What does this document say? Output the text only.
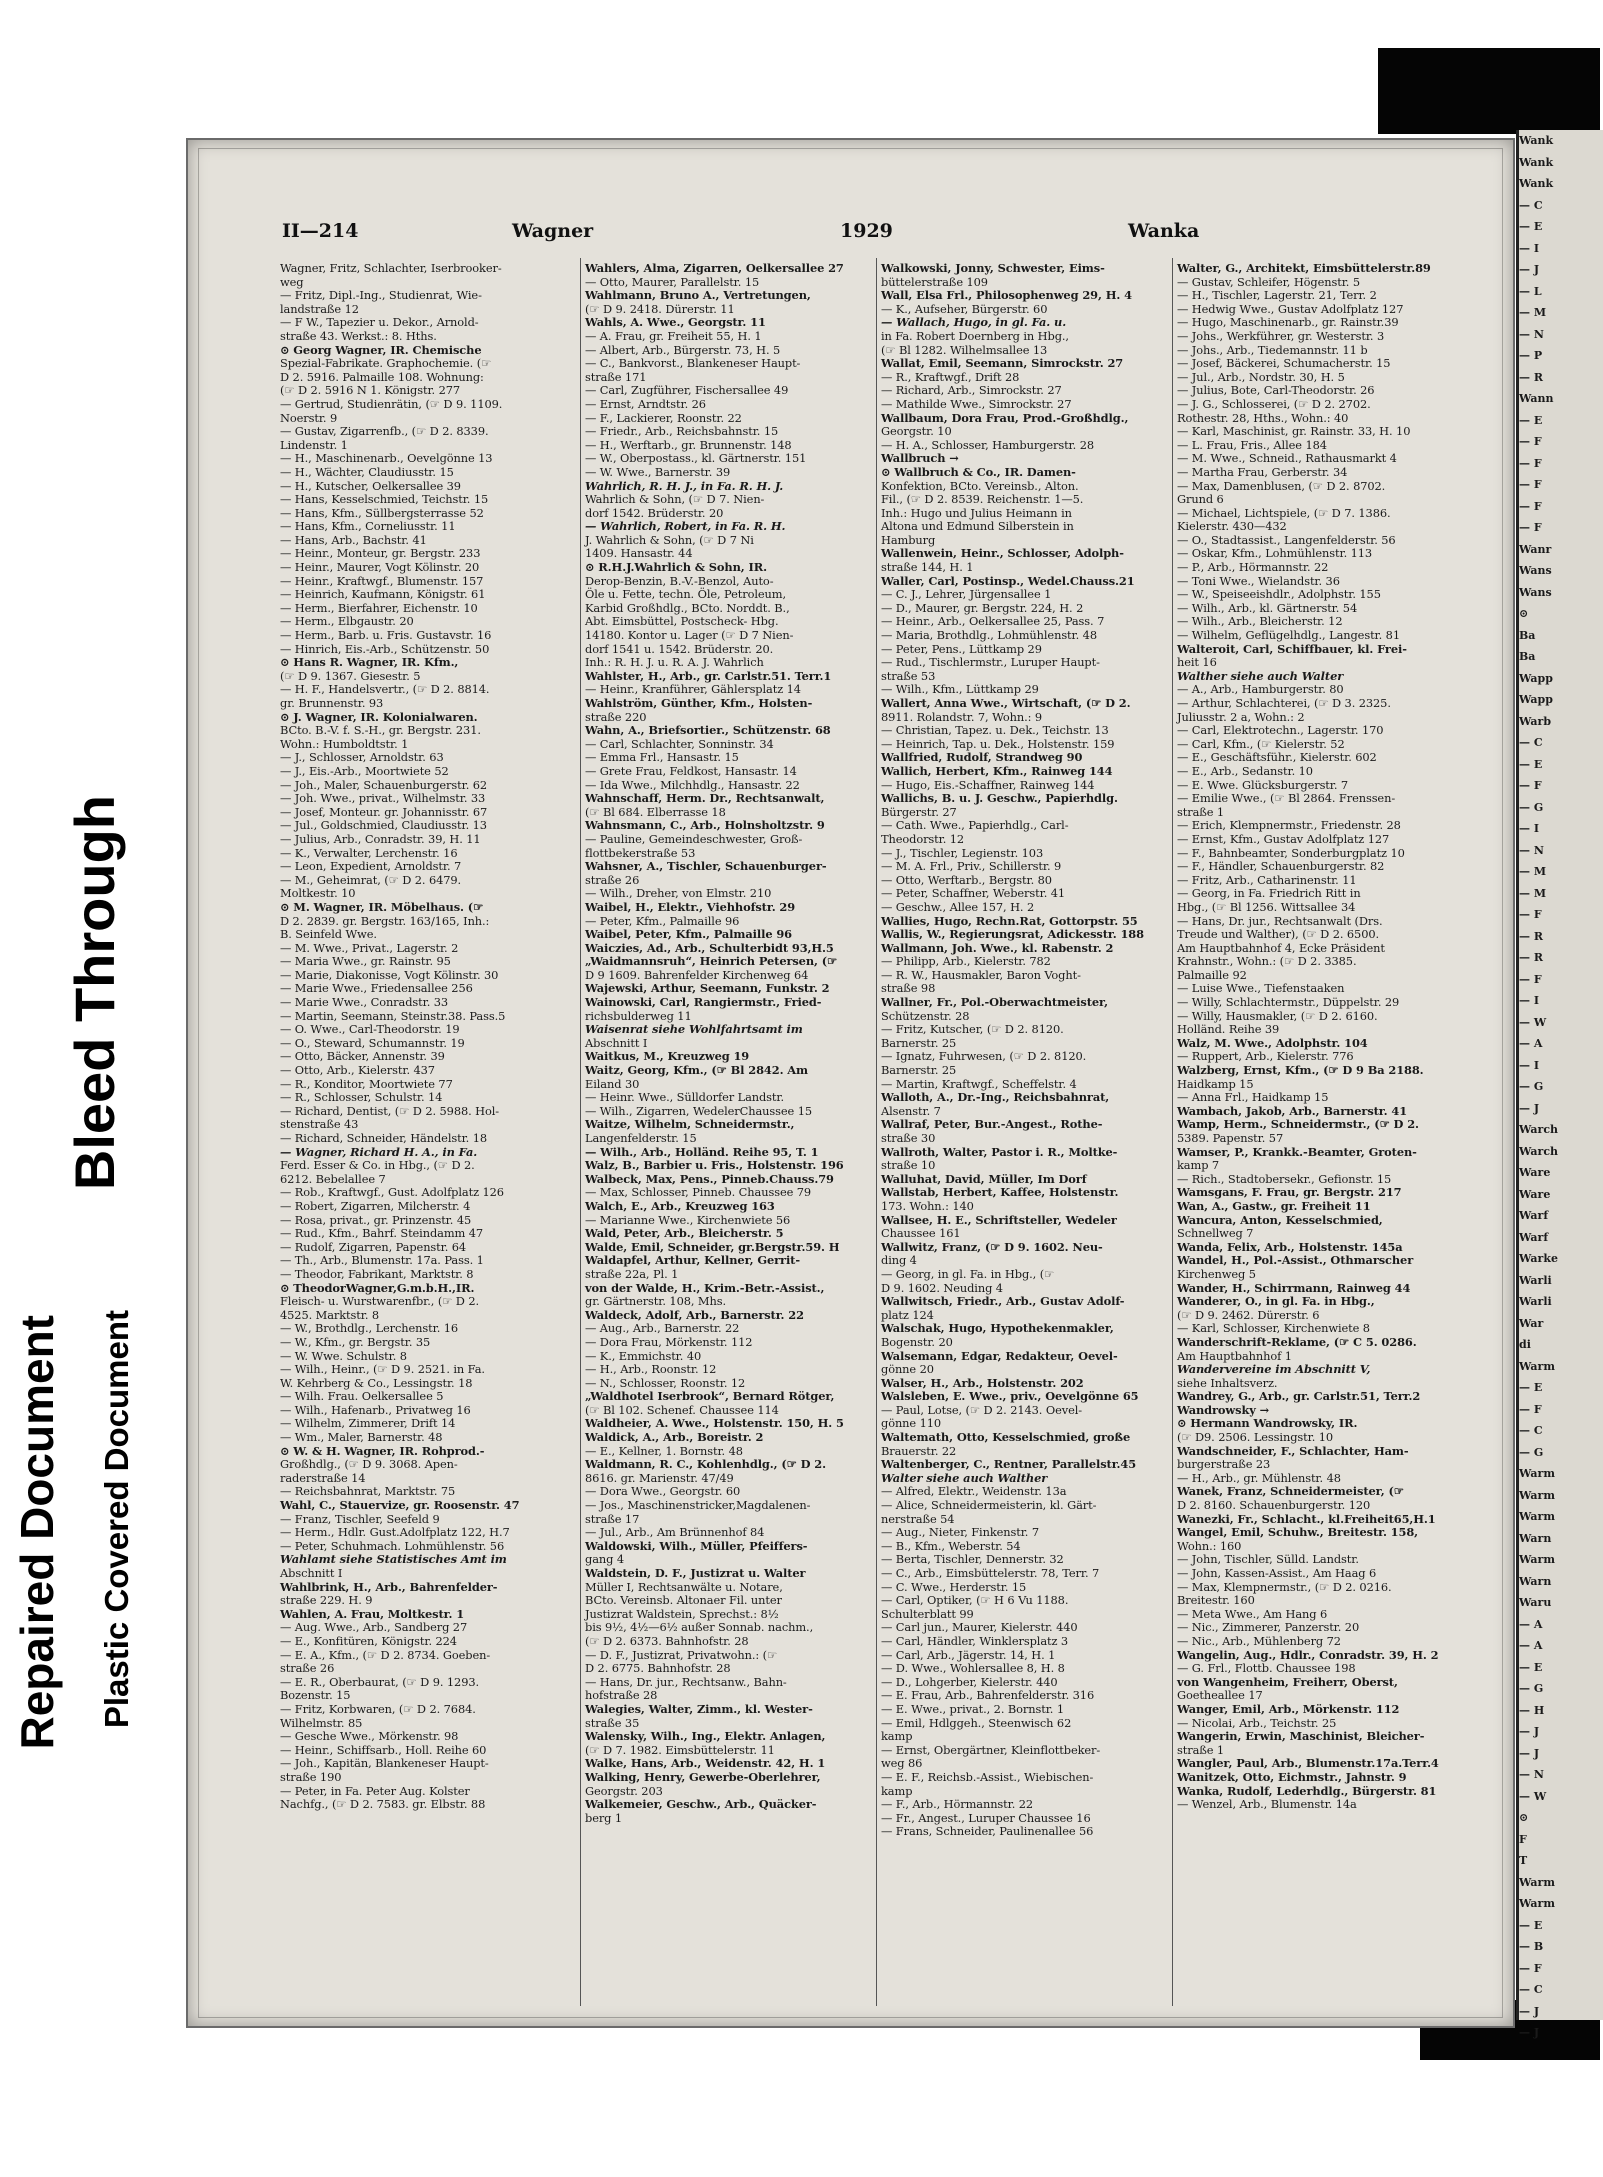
Bleed Through
Repaired Document Plastic Covered Document
II—214	Wagner	1929	Wanka

Wagner, Fritz, Schlachter, Iserbrooker-

weg

— Fritz, Dipl.-Ing., Studienrat, Wie-

landstraße 12

— F W., Tapezier u. Dekor., Arnold-

straße 43. Werkst.: 8. Hths.

⊙ Georg Wagner, IR. Chemische

Spezial-Fabrikate. Graphochemie. (☞

D 2. 5916. Palmaille 108. Wohnung:

(☞ D 2. 5916 N 1. Königstr. 277

— Gertrud, Studienrätin, (☞ D 9. 1109.

Noerstr. 9

— Gustav, Zigarrenfb., (☞ D 2. 8339.

Lindenstr. 1

— H., Maschinenarb., Oevelgönne 13

— H., Wächter, Claudiusstr. 15

— H., Kutscher, Oelkersallee 39

— Hans, Kesselschmied, Teichstr. 15

— Hans, Kfm., Süllbergsterrasse 52

— Hans, Kfm., Corneliusstr. 11

— Hans, Arb., Bachstr. 41

— Heinr., Monteur, gr. Bergstr. 233

— Heinr., Maurer, Vogt Kölinstr. 20

— Heinr., Kraftwgf., Blumenstr. 157

— Heinrich, Kaufmann, Königstr. 61

— Herm., Bierfahrer, Eichenstr. 10

— Herm., Elbgaustr. 20

— Herm., Barb. u. Fris. Gustavstr. 16

— Hinrich, Eis.-Arb., Schützenstr. 50

⊙ Hans R. Wagner, IR. Kfm.,

(☞ D 9. 1367. Giesestr. 5

— H. F., Handelsvertr., (☞ D 2. 8814.

gr. Brunnenstr. 93

⊙ J. Wagner, IR. Kolonialwaren.

BCto. B.-V. f. S.-H., gr. Bergstr. 231.

Wohn.: Humboldtstr. 1

— J., Schlosser, Arnoldstr. 63

— J., Eis.-Arb., Moortwiete 52

— Joh., Maler, Schauenburgerstr. 62

— Joh. Wwe., privat., Wilhelmstr. 33

— Josef, Monteur. gr. Johannisstr. 67

— Jul., Goldschmied, Claudiusstr. 13

— Julius, Arb., Conradstr. 39, H. 11

— K., Verwalter, Lerchenstr. 16

— Leon, Expedient, Arnoldstr. 7

— M., Geheimrat, (☞ D 2. 6479.

Moltkestr. 10

⊙ M. Wagner, IR. Möbelhaus. (☞

D 2. 2839. gr. Bergstr. 163/165, Inh.:

B. Seinfeld Wwe.

— M. Wwe., Privat., Lagerstr. 2

— Maria Wwe., gr. Rainstr. 95

— Marie, Diakonisse, Vogt Kölinstr. 30

— Marie Wwe., Friedensallee 256

— Marie Wwe., Conradstr. 33

— Martin, Seemann, Steinstr.38. Pass.5

— O. Wwe., Carl-Theodorstr. 19

— O., Steward, Schumannstr. 19

— Otto, Bäcker, Annenstr. 39

— Otto, Arb., Kielerstr. 437

— R., Konditor, Moortwiete 77

— R., Schlosser, Schulstr. 14

— Richard, Dentist, (☞ D 2. 5988. Hol-

stenstraße 43

— Richard, Schneider, Händelstr. 18

— Wagner, Richard H. A., in Fa.

Ferd. Esser & Co. in Hbg., (☞ D 2.

6212. Bebelallee 7

— Rob., Kraftwgf., Gust. Adolfplatz 126

— Robert, Zigarren, Milcherstr. 4

— Rosa, privat., gr. Prinzenstr. 45

— Rud., Kfm., Bahrf. Steindamm 47

— Rudolf, Zigarren, Papenstr. 64

— Th., Arb., Blumenstr. 17a. Pass. 1

— Theodor, Fabrikant, Marktstr. 8

⊙ TheodorWagner,G.m.b.H.,IR.

Fleisch- u. Wurstwarenfbr., (☞ D 2.

4525. Marktstr. 8

— W., Brothdlg., Lerchenstr. 16

— W., Kfm., gr. Bergstr. 35

— W. Wwe. Schulstr. 8

— Wilh., Heinr., (☞ D 9. 2521. in Fa.

W. Kehrberg & Co., Lessingstr. 18

— Wilh. Frau. Oelkersallee 5

— Wilh., Hafenarb., Privatweg 16

— Wilhelm, Zimmerer, Drift 14

— Wm., Maler, Barnerstr. 48

⊙ W. & H. Wagner, IR. Rohprod.-

Großhdlg., (☞ D 9. 3068. Apen-

raderstraße 14

— Reichsbahnrat, Marktstr. 75

Wahl, C., Stauervize, gr. Roosenstr. 47

— Franz, Tischler, Seefeld 9

— Herm., Hdlr. Gust.Adolfplatz 122, H.7

— Peter, Schuhmach. Lohmühlenstr. 56

Wahlamt siehe Statistisches Amt im

Abschnitt I

Wahlbrink, H., Arb., Bahrenfelder-

straße 229. H. 9

Wahlen, A. Frau, Moltkestr. 1

— Aug. Wwe., Arb., Sandberg 27

— E., Konfitüren, Königstr. 224

— E. A., Kfm., (☞ D 2. 8734. Goeben-

straße 26

— E. R., Oberbaurat, (☞ D 9. 1293.

Bozenstr. 15

— Fritz, Korbwaren, (☞ D 2. 7684.

Wilhelmstr. 85

— Gesche Wwe., Mörkenstr. 98

— Heinr., Schiffsarb., Holl. Reihe 60

— Joh., Kapitän, Blankeneser Haupt-

straße 190

— Peter, in Fa. Peter Aug. Kolster

Nachfg., (☞ D 2. 7583. gr. Elbstr. 88

Wahlers, Alma, Zigarren, Oelkersallee 27

— Otto, Maurer, Parallelstr. 15

Wahlmann, Bruno A., Vertretungen,

(☞ D 9. 2418. Dürerstr. 11

Wahls, A. Wwe., Georgstr. 11

— A. Frau, gr. Freiheit 55, H. 1

— Albert, Arb., Bürgerstr. 73, H. 5

— C., Bankvorst., Blankeneser Haupt-

straße 171

— Carl, Zugführer, Fischersallee 49

— Ernst, Arndtstr. 26

— F., Lackierer, Roonstr. 22

— Friedr., Arb., Reichsbahnstr. 15

— H., Werftarb., gr. Brunnenstr. 148

— W., Oberpostass., kl. Gärtnerstr. 151

— W. Wwe., Barnerstr. 39

Wahrlich, R. H. J., in Fa. R. H. J.

Wahrlich & Sohn, (☞ D 7. Nien-

dorf 1542. Brüderstr. 20

— Wahrlich, Robert, in Fa. R. H.

J. Wahrlich & Sohn, (☞ D 7 Ni

1409. Hansastr. 44

⊙ R.H.J.Wahrlich & Sohn, IR.

Derop-Benzin, B.-V.-Benzol, Auto-

Öle u. Fette, techn. Öle, Petroleum,

Karbid Großhdlg., BCto. Norddt. B.,

Abt. Eimsbüttel, Postscheck- Hbg.

14180. Kontor u. Lager (☞ D 7 Nien-

dorf 1541 u. 1542. Brüderstr. 20.

Inh.: R. H. J. u. R. A. J. Wahrlich

Wahlster, H., Arb., gr. Carlstr.51. Terr.1

— Heinr., Kranführer, Gählersplatz 14

Wahlström, Günther, Kfm., Holsten-

straße 220

Wahn, A., Briefsortier., Schützenstr. 68

— Carl, Schlachter, Sonninstr. 34

— Emma Frl., Hansastr. 15

— Grete Frau, Feldkost, Hansastr. 14

— Ida Wwe., Milchhdlg., Hansastr. 22

Wahnschaff, Herm. Dr., Rechtsanwalt,

(☞ Bl 684. Elberrasse 18

Wahnsmann, C., Arb., Holnsholtzstr. 9

— Pauline, Gemeindeschwester, Groß-

flottbekerstraße 53

Wahsner, A., Tischler, Schauenburger-

straße 26

— Wilh., Dreher, von Elmstr. 210

Waibel, H., Elektr., Viehhofstr. 29

— Peter, Kfm., Palmaille 96

Waibel, Peter, Kfm., Palmaille 96

Waiczies, Ad., Arb., Schulterbidt 93,H.5

„Waidmannsruh“, Heinrich Petersen, (☞

D 9 1609. Bahrenfelder Kirchenweg 64

Wajewski, Arthur, Seemann, Funkstr. 2

Wainowski, Carl, Rangiermstr., Fried-

richsbulderweg 11

Waisenrat siehe Wohlfahrtsamt im

Abschnitt I

Waitkus, M., Kreuzweg 19

Waitz, Georg, Kfm., (☞ Bl 2842. Am

Eiland 30

— Heinr. Wwe., Sülldorfer Landstr.

— Wilh., Zigarren, WedelerChaussee 15

Waitze, Wilhelm, Schneidermstr.,

Langenfelderstr. 15

— Wilh., Arb., Holländ. Reihe 95, T. 1

Walz, B., Barbier u. Fris., Holstenstr. 196

Walbeck, Max, Pens., Pinneb.Chauss.79

— Max, Schlosser, Pinneb. Chaussee 79

Walch, E., Arb., Kreuzweg 163

— Marianne Wwe., Kirchenwiete 56

Wald, Peter, Arb., Bleicherstr. 5

Walde, Emil, Schneider, gr.Bergstr.59. H

Waldapfel, Arthur, Kellner, Gerrit-

straße 22a, Pl. 1

von der Walde, H., Krim.-Betr.-Assist.,

gr. Gärtnerstr. 108, Mhs.

Waldeck, Adolf, Arb., Barnerstr. 22

— Aug., Arb., Barnerstr. 22

— Dora Frau, Mörkenstr. 112

— K., Emmichstr. 40

— H., Arb., Roonstr. 12

— N., Schlosser, Roonstr. 12

„Waldhotel Iserbrook“, Bernard Rötger,

(☞ Bl 102. Schenef. Chaussee 114

Waldheier, A. Wwe., Holstenstr. 150, H. 5

Waldick, A., Arb., Boreistr. 2

— E., Kellner, 1. Bornstr. 48

Waldmann, R. C., Kohlenhdlg., (☞ D 2.

8616. gr. Marienstr. 47/49

— Dora Wwe., Georgstr. 60

— Jos., Maschinenstricker,Magdalenen-

straße 17

— Jul., Arb., Am Brünnenhof 84

Waldowski, Wilh., Müller, Pfeiffers-

gang 4

Waldstein, D. F., Justizrat u. Walter

Müller I, Rechtsanwälte u. Notare,

BCto. Vereinsb. Altonaer Fil. unter

Justizrat Waldstein, Sprechst.: 8½

bis 9½, 4½—6½ außer Sonnab. nachm.,

(☞ D 2. 6373. Bahnhofstr. 28

— D. F., Justizrat, Privatwohn.: (☞

D 2. 6775. Bahnhofstr. 28

— Hans, Dr. jur., Rechtsanw., Bahn-

hofstraße 28

Walegies, Walter, Zimm., kl. Wester-

straße 35

Walensky, Wilh., Ing., Elektr. Anlagen,

(☞ D 7. 1982. Eimsbüttelerstr. 11

Walke, Hans, Arb., Weidenstr. 42, H. 1

Walking, Henry, Gewerbe-Oberlehrer,

Georgstr. 203

Walkemeier, Geschw., Arb., Quäcker-

berg 1

Walkowski, Jonny, Schwester, Eims-

büttelerstraße 109

Wall, Elsa Frl., Philosophenweg 29, H. 4

— K., Aufseher, Bürgerstr. 60

— Wallach, Hugo, in gl. Fa. u.

in Fa. Robert Doernberg in Hbg.,

(☞ Bl 1282. Wilhelmsallee 13

Wallat, Emil, Seemann, Simrockstr. 27

— R., Kraftwgf., Drift 28

— Richard, Arb., Simrockstr. 27

— Mathilde Wwe., Simrockstr. 27

Wallbaum, Dora Frau, Prod.-Großhdlg.,

Georgstr. 10

— H. A., Schlosser, Hamburgerstr. 28

Wallbruch →

⊙ Wallbruch & Co., IR. Damen-

Konfektion, BCto. Vereinsb., Alton.

Fil., (☞ D 2. 8539. Reichenstr. 1—5.

Inh.: Hugo und Julius Heimann in

Altona und Edmund Silberstein in

Hamburg

Wallenwein, Heinr., Schlosser, Adolph-

straße 144, H. 1

Waller, Carl, Postinsp., Wedel.Chauss.21

— C. J., Lehrer, Jürgensallee 1

— D., Maurer, gr. Bergstr. 224, H. 2

— Heinr., Arb., Oelkersallee 25, Pass. 7

— Maria, Brothdlg., Lohmühlenstr. 48

— Peter, Pens., Lüttkamp 29

— Rud., Tischlermstr., Luruper Haupt-

straße 53

— Wilh., Kfm., Lüttkamp 29

Wallert, Anna Wwe., Wirtschaft, (☞ D 2.

8911. Rolandstr. 7, Wohn.: 9

— Christian, Tapez. u. Dek., Teichstr. 13

— Heinrich, Tap. u. Dek., Holstenstr. 159

Wallfried, Rudolf, Strandweg 90

Wallich, Herbert, Kfm., Rainweg 144

— Hugo, Eis.-Schaffner, Rainweg 144

Wallichs, B. u. J. Geschw., Papierhdlg.

Bürgerstr. 27

— Cath. Wwe., Papierhdlg., Carl-

Theodorstr. 12

— J., Tischler, Legienstr. 103

— M. A. Frl., Priv., Schillerstr. 9

— Otto, Werftarb., Bergstr. 80

— Peter, Schaffner, Weberstr. 41

— Geschw., Allee 157, H. 2

Wallies, Hugo, Rechn.Rat, Gottorpstr. 55

Wallis, W., Regierungsrat, Adickesstr. 188

Wallmann, Joh. Wwe., kl. Rabenstr. 2

— Philipp, Arb., Kielerstr. 782

— R. W., Hausmakler, Baron Voght-

straße 98

Wallner, Fr., Pol.-Oberwachtmeister,

Schützenstr. 28

— Fritz, Kutscher, (☞ D 2. 8120.

Barnerstr. 25

— Ignatz, Fuhrwesen, (☞ D 2. 8120.

Barnerstr. 25

— Martin, Kraftwgf., Scheffelstr. 4

Walloth, A., Dr.-Ing., Reichsbahnrat,

Alsenstr. 7

Wallraf, Peter, Bur.-Angest., Rothe-

straße 30

Wallroth, Walter, Pastor i. R., Moltke-

straße 10

Walluhat, David, Müller, Im Dorf

Wallstab, Herbert, Kaffee, Holstenstr.

173. Wohn.: 140

Wallsee, H. E., Schriftsteller, Wedeler

Chaussee 161

Wallwitz, Franz, (☞ D 9. 1602. Neu-

ding 4

— Georg, in gl. Fa. in Hbg., (☞

D 9. 1602. Neuding 4

Wallwitsch, Friedr., Arb., Gustav Adolf-

platz 124

Walschak, Hugo, Hypothekenmakler,

Bogenstr. 20

Walsemann, Edgar, Redakteur, Oevel-

gönne 20

Walser, H., Arb., Holstenstr. 202

Walsleben, E. Wwe., priv., Oevelgönne 65

— Paul, Lotse, (☞ D 2. 2143. Oevel-

gönne 110

Waltemath, Otto, Kesselschmied, große

Brauerstr. 22

Waltenberger, C., Rentner, Parallelstr.45

Walter siehe auch Walther

— Alfred, Elektr., Weidenstr. 13a

— Alice, Schneidermeisterin, kl. Gärt-

nerstraße 54

— Aug., Nieter, Finkenstr. 7

— B., Kfm., Weberstr. 54

— Berta, Tischler, Dennerstr. 32

— C., Arb., Eimsbüttelerstr. 78, Terr. 7

— C. Wwe., Herderstr. 15

— Carl, Optiker, (☞ H 6 Vu 1188.

Schulterblatt 99

— Carl jun., Maurer, Kielerstr. 440

— Carl, Händler, Winklersplatz 3

— Carl, Arb., Jägerstr. 14, H. 1

— D. Wwe., Wohlersallee 8, H. 8

— D., Lohgerber, Kielerstr. 440

— E. Frau, Arb., Bahrenfelderstr. 316

— E. Wwe., privat., 2. Bornstr. 1

— Emil, Hdlggeh., Steenwisch 62

kamp

— Ernst, Obergärtner, Kleinflottbeker-

weg 86

— E. F., Reichsb.-Assist., Wiebischen-

kamp

— F., Arb., Hörmannstr. 22

— Fr., Angest., Luruper Chaussee 16

— Frans, Schneider, Paulinenallee 56

Walter, G., Architekt, Eimsbüttelerstr.89

— Gustav, Schleifer, Högenstr. 5

— H., Tischler, Lagerstr. 21, Terr. 2

— Hedwig Wwe., Gustav Adolfplatz 127

— Hugo, Maschinenarb., gr. Rainstr.39

— Johs., Werkführer, gr. Westerstr. 3

— Johs., Arb., Tiedemannstr. 11 b

— Josef, Bäckerei, Schumacherstr. 15

— Jul., Arb., Nordstr. 30, H. 5

— Julius, Bote, Carl-Theodorstr. 26

— J. G., Schlosserei, (☞ D 2. 2702.

Rothestr. 28, Hths., Wohn.: 40

— Karl, Maschinist, gr. Rainstr. 33, H. 10

— L. Frau, Fris., Allee 184

— M. Wwe., Schneid., Rathausmarkt 4

— Martha Frau, Gerberstr. 34

— Max, Damenblusen, (☞ D 2. 8702.

Grund 6

— Michael, Lichtspiele, (☞ D 7. 1386.

Kielerstr. 430—432

— O., Stadtassist., Langenfelderstr. 56

— Oskar, Kfm., Lohmühlenstr. 113

— P., Arb., Hörmannstr. 22

— Toni Wwe., Wielandstr. 36

— W., Speiseeishdlr., Adolphstr. 155

— Wilh., Arb., kl. Gärtnerstr. 54

— Wilh., Arb., Bleicherstr. 12

— Wilhelm, Geflügelhdlg., Langestr. 81

Walteroit, Carl, Schiffbauer, kl. Frei-

heit 16

Walther siehe auch Walter

— A., Arb., Hamburgerstr. 80

— Arthur, Schlachterei, (☞ D 3. 2325.

Juliusstr. 2 a, Wohn.: 2

— Carl, Elektrotechn., Lagerstr. 170

— Carl, Kfm., (☞ Kielerstr. 52

— E., Geschäftsführ., Kielerstr. 602

— E., Arb., Sedanstr. 10

— E. Wwe. Glücksburgerstr. 7

— Emilie Wwe., (☞ Bl 2864. Frenssen-

straße 1

— Erich, Klempnermstr., Friedenstr. 28

— Ernst, Kfm., Gustav Adolfplatz 127

— F., Bahnbeamter, Sonderburgplatz 10

— F., Händler, Schauenburgerstr. 82

— Fritz, Arb., Catharinenstr. 11

— Georg, in Fa. Friedrich Ritt in

Hbg., (☞ Bl 1256. Wittsallee 34

— Hans, Dr. jur., Rechtsanwalt (Drs.

Treude und Walther), (☞ D 2. 6500.

Am Hauptbahnhof 4, Ecke Präsident

Krahnstr., Wohn.: (☞ D 2. 3385.

Palmaille 92

— Luise Wwe., Tiefenstaaken

— Willy, Schlachtermstr., Düppelstr. 29

— Willy, Hausmakler, (☞ D 2. 6160.

Holländ. Reihe 39

Walz, M. Wwe., Adolphstr. 104

— Ruppert, Arb., Kielerstr. 776

Walzberg, Ernst, Kfm., (☞ D 9 Ba 2188.

Haidkamp 15

— Anna Frl., Haidkamp 15

Wambach, Jakob, Arb., Barnerstr. 41

Wamp, Herm., Schneidermstr., (☞ D 2.

5389. Papenstr. 57

Wamser, P., Krankk.-Beamter, Groten-

kamp 7

— Rich., Stadtobersekr., Gefionstr. 15

Wamsgans, F. Frau, gr. Bergstr. 217

Wan, A., Gastw., gr. Freiheit 11

Wancura, Anton, Kesselschmied,

Schnellweg 7

Wanda, Felix, Arb., Holstenstr. 145a

Wandel, H., Pol.-Assist., Othmarscher

Kirchenweg 5

Wander, H., Schirrmann, Rainweg 44

Wanderer, O., in gl. Fa. in Hbg.,

(☞ D 9. 2462. Dürerstr. 6

— Karl, Schlosser, Kirchenwiete 8

Wanderschrift-Reklame, (☞ C 5. 0286.

Am Hauptbahnhof 1

Wandervereine im Abschnitt V,

siehe Inhaltsverz.

Wandrey, G., Arb., gr. Carlstr.51, Terr.2

Wandrowsky →

⊙ Hermann Wandrowsky, IR.

(☞ D9. 2506. Lessingstr. 10

Wandschneider, F., Schlachter, Ham-

burgerstraße 23

— H., Arb., gr. Mühlenstr. 48

Wanek, Franz, Schneidermeister, (☞

D 2. 8160. Schauenburgerstr. 120

Wanezki, Fr., Schlacht., kl.Freiheit65,H.1

Wangel, Emil, Schuhw., Breitestr. 158,

Wohn.: 160

— John, Tischler, Sülld. Landstr.

— John, Kassen-Assist., Am Haag 6

— Max, Klempnermstr., (☞ D 2. 0216.

Breitestr. 160

— Meta Wwe., Am Hang 6

— Nic., Zimmerer, Panzerstr. 20

— Nic., Arb., Mühlenberg 72

Wangelin, Aug., Hdlr., Conradstr. 39, H. 2

— G. Frl., Flottb. Chaussee 198

von Wangenheim, Freiherr, Oberst,

Goetheallee 17

Wanger, Emil, Arb., Mörkenstr. 112

— Nicolai, Arb., Teichstr. 25

Wangerin, Erwin, Maschinist, Bleicher-

straße 1

Wangler, Paul, Arb., Blumenstr.17a.Terr.4

Wanitzek, Otto, Eichmstr., Jahnstr. 9

Wanka, Rudolf, Lederhdlg., Bürgerstr. 81

— Wenzel, Arb., Blumenstr. 14a

Wank
Wank
Wank
— C
— E
— I
— J
— L
— M
— N
— P
— R
Wann
— E
— F
— F
— F
— F
— F
Wanr
Wans
Wans
⊙
Ba
Ba
Wapp
Wapp
Warb
— C
— E
— F
— G
— I
— N
— M
— M
— F
— R
— R
— F
— I
— W
— A
— I
— G
— J
Warch
Warch
Ware
Ware
Warf
Warf
Warke
Warli
Warli
War
di
Warm
— E
— F
— C
— G
Warm
Warm
Warm
Warn
Warm
Warn
Waru
— A
— A
— E
— G
— H
— J
— J
— N
— W
⊙
F
T
Warm
Warm
— E
— B
— F
— C
— J
— J
